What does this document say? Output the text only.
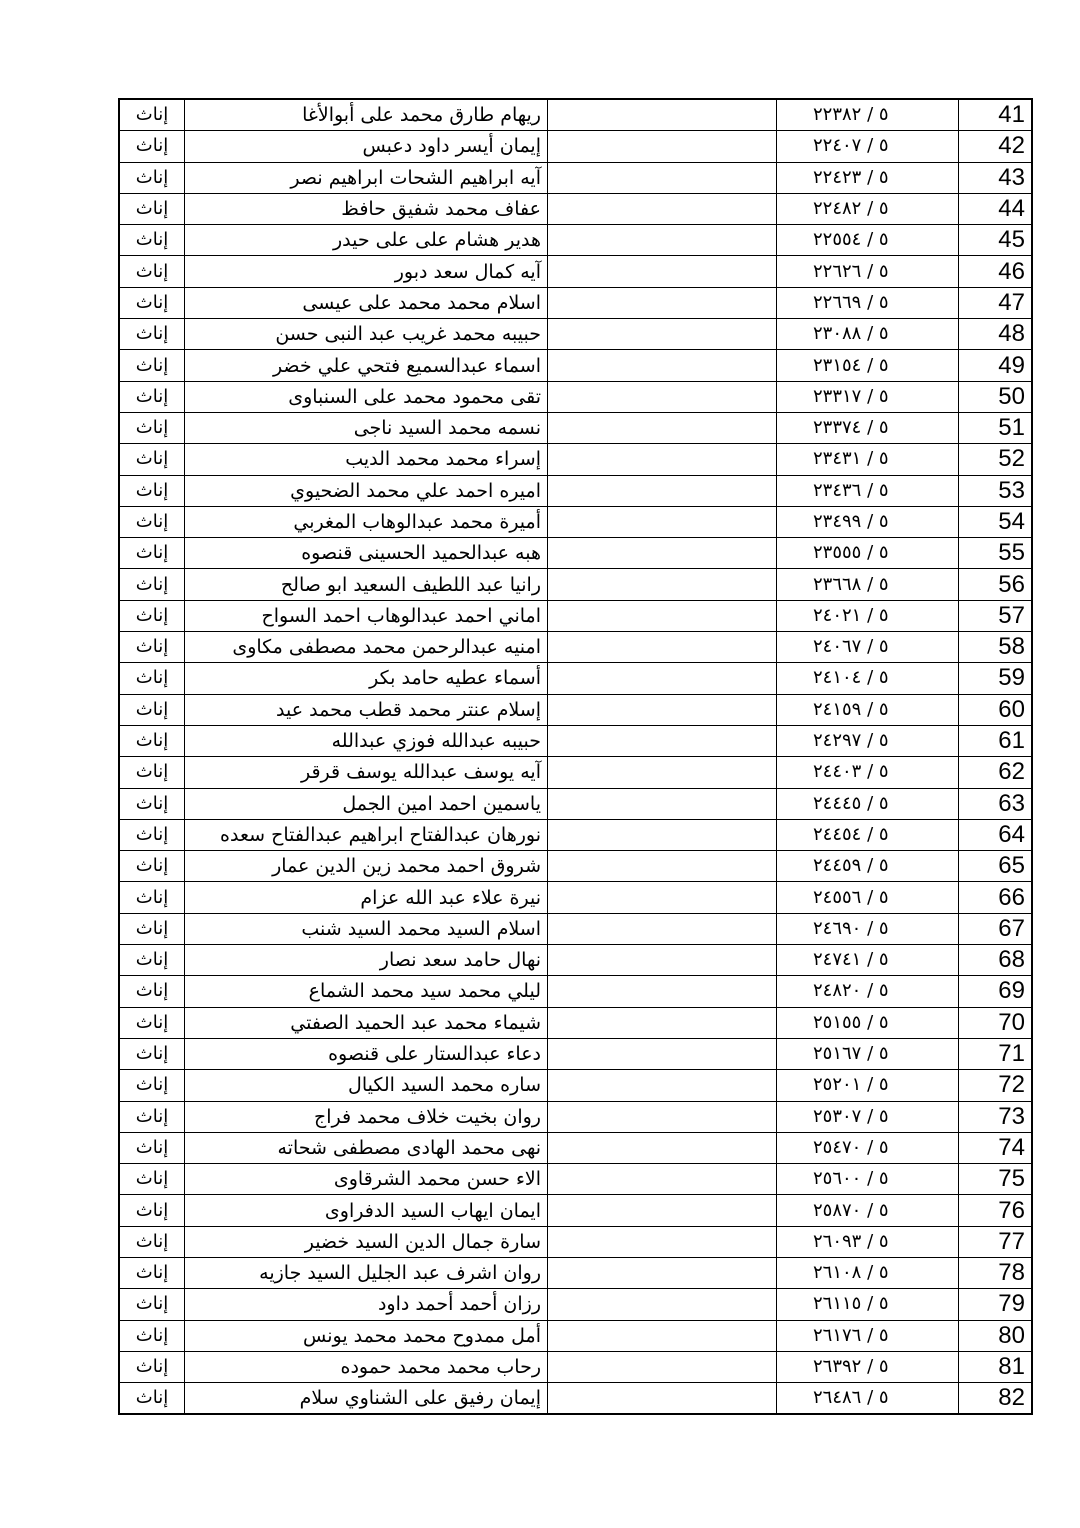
إناث	ريهام طارق محمد على أبوالأغا		٥ / ٢٢٣٨٢	41
إناث	إيمان أيسر داود دعبس		٥ / ٢٢٤٠٧	42
إناث	آيه ابراهيم الشحات ابراهيم نصر		٥ / ٢٢٤٢٣	43
إناث	عفاف محمد شفيق حافظ		٥ / ٢٢٤٨٢	44
إناث	هدير هشام على على حيدر		٥ / ٢٢٥٥٤	45
إناث	آيه كمال سعد دبور		٥ / ٢٢٦٢٦	46
إناث	اسلام محمد محمد على عيسى		٥ / ٢٢٦٦٩	47
إناث	حبيبه محمد غريب عبد النبى حسن		٥ / ٢٣٠٨٨	48
إناث	اسماء عبدالسميع فتحي علي خضر		٥ / ٢٣١٥٤	49
إناث	تقى محمود محمد على السنباوى		٥ / ٢٣٣١٧	50
إناث	نسمه محمد السيد ناجى		٥ / ٢٣٣٧٤	51
إناث	إسراء محمد محمد الديب		٥ / ٢٣٤٣١	52
إناث	اميره احمد علي محمد الضحيوي		٥ / ٢٣٤٣٦	53
إناث	أميرة محمد عبدالوهاب المغربي		٥ / ٢٣٤٩٩	54
إناث	هبه عبدالحميد الحسينى قنصوه		٥ / ٢٣٥٥٥	55
إناث	رانيا عبد اللطيف السعيد ابو صالح		٥ / ٢٣٦٦٨	56
إناث	اماني احمد عبدالوهاب احمد السواح		٥ / ٢٤٠٢١	57
إناث	امنيه عبدالرحمن محمد مصطفى مكاوى		٥ / ٢٤٠٦٧	58
إناث	أسماء عطيه حامد بكر		٥ / ٢٤١٠٤	59
إناث	إسلام عنتر محمد قطب محمد عيد		٥ / ٢٤١٥٩	60
إناث	حبيبه عبدالله فوزي عبدالله		٥ / ٢٤٢٩٧	61
إناث	آيه يوسف عبدالله يوسف قرقر		٥ / ٢٤٤٠٣	62
إناث	ياسمين احمد امين الجمل		٥ / ٢٤٤٤٥	63
إناث	نورهان عبدالفتاح ابراهيم عبدالفتاح سعده		٥ / ٢٤٤٥٤	64
إناث	شروق احمد محمد زين الدين عمار		٥ / ٢٤٤٥٩	65
إناث	نيرة علاء عبد الله عزام		٥ / ٢٤٥٥٦	66
إناث	اسلام السيد محمد السيد شنب		٥ / ٢٤٦٩٠	67
إناث	نهال حامد سعد نصار		٥ / ٢٤٧٤١	68
إناث	ليلي محمد سيد محمد الشماع		٥ / ٢٤٨٢٠	69
إناث	شيماء محمد عبد الحميد الصفتي		٥ / ٢٥١٥٥	70
إناث	دعاء عبدالستار على قنصوه		٥ / ٢٥١٦٧	71
إناث	ساره محمد السيد الكيال		٥ / ٢٥٢٠١	72
إناث	روان بخيت خلاف محمد فراج		٥ / ٢٥٣٠٧	73
إناث	نهى محمد الهادى مصطفى شحاته		٥ / ٢٥٤٧٠	74
إناث	الاء حسن محمد الشرقاوى		٥ / ٢٥٦٠٠	75
إناث	ايمان ايهاب السيد الدفراوى		٥ / ٢٥٨٧٠	76
إناث	سارة جمال الدين السيد خضير		٥ / ٢٦٠٩٣	77
إناث	روان اشرف عبد الجليل السيد جازيه		٥ / ٢٦١٠٨	78
إناث	رزان أحمد أحمد داود		٥ / ٢٦١١٥	79
إناث	أمل ممدوح محمد محمد يونس		٥ / ٢٦١٧٦	80
إناث	رحاب محمد محمد حموده		٥ / ٢٦٣٩٢	81
إناث	إيمان رفيق على الشناوي سلام		٥ / ٢٦٤٨٦	82
